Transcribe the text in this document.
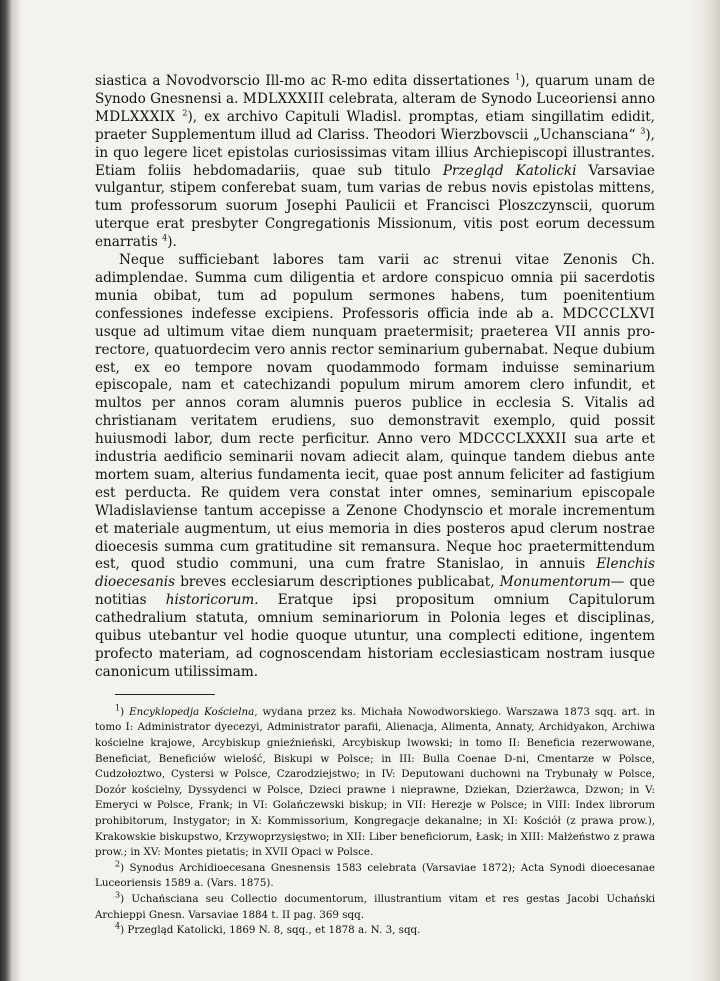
siastica a Novodvorscio Ill-mo ac R-mo edita dissertationes $^1$), quarum unam de Synodo Gnesnensi a. MDLXXXIII celebrata, alteram de Synodo Luceoriensi anno MDLXXXIX $^2$), ex archivo Capituli Wladisl. promptas, etiam singillatim edidit, praeter Supplementum illud ad Clariss. Theodori Wierzbovscii „Uchansciana“ $^3$), in quo legere licet epistolas curiosissimas vitam illius Archiepiscopi illustrantes. Etiam foliis hebdomadariis, quae sub titulo Przegląd Katolicki Varsaviae vulgantur, stipem conferebat suam, tum varias de rebus novis epistolas mittens, tum professorum suorum Josephi Paulicii et Francisci Ploszczynscii, quorum uterque erat presbyter Congregationis Missionum, vitis post eorum decessum enarratis $^4$).

Neque sufficiebant labores tam varii ac strenui vitae Zenonis Ch. adimplendae. Summa cum diligentia et ardore conspicuo omnia pii sacerdotis munia obibat, tum ad populum sermones habens, tum poenitentium confessiones indefesse excipiens. Professoris officia inde ab a. MDCCCLXVI usque ad ultimum vitae diem nunquam praetermisit; praeterea VII annis pro-rectore, quatuordecim vero annis rector seminarium gubernabat. Neque dubium est, ex eo tempore novam quodammodo formam induisse seminarium episcopale, nam et catechizandi populum mirum amorem clero infundit, et multos per annos coram alumnis pueros publice in ecclesia S. Vitalis ad christianam veritatem erudiens, suo demonstravit exemplo, quid possit huiusmodi labor, dum recte perficitur. Anno vero MDCCCLXXXII sua arte et industria aedificio seminarii novam adiecit alam, quinque tandem diebus ante mortem suam, alterius fundamenta iecit, quae post annum feliciter ad fastigium est perducta. Re quidem vera constat inter omnes, seminarium episcopale Wladislaviense tantum accepisse a Zenone Chodynscio et morale incrementum et materiale augmentum, ut eius memoria in dies posteros apud clerum nostrae dioecesis summa cum gratitudine sit remansura. Neque hoc praetermittendum est, quod studio communi, una cum fratre Stanislao, in annuis Elenchis dioecesanis breves ecclesiarum descriptiones publicabat, Monumentorum— que notitias historicorum. Eratque ipsi propositum omnium Capitulorum cathedralium statuta, omnium seminariorum in Polonia leges et disciplinas, quibus utebantur vel hodie quoque utuntur, una complecti editione, ingentem profecto materiam, ad cognoscendam historiam ecclesiasticam nostram iusque canonicum utilissimam.

$^1$) Encyklopedja Kościelna, wydana przez ks. Michała Nowodworskiego. Warszawa 1873 sqq. art. in tomo I: Administrator dyecezyi, Administrator parafii, Alienacja, Alimenta, Annaty, Archidyakon, Archiwa kościelne krajowe, Arcybiskup gnieźnieński, Arcybiskup lwowski; in tomo II: Beneficia rezerwowane, Beneficiat, Beneficiów wielość, Biskupi w Polsce; in III: Bulla Coenae D-ni, Cmentarze w Polsce, Cudzołoztwo, Cystersi w Polsce, Czarodziejstwo; in IV: Deputowani duchowni na Trybunały w Polsce, Dozór kościelny, Dyssydenci w Polsce, Dzieci prawne i nieprawne, Dziekan, Dzierżawca, Dzwon; in V: Emeryci w Polsce, Frank; in VI: Golańczewski biskup; in VII: Herezje w Polsce; in VIII: Index librorum prohibitorum, Instygator; in X: Kommissorium, Kongregacje dekanalne; in XI: Kościół (z prawa prow.), Krakowskie biskupstwo, Krzywoprzysięstwo; in XII: Liber beneficiorum, Łask; in XIII: Małżeństwo z prawa prow.; in XV: Montes pietatis; in XVII Opaci w Polsce.

$^2$) Synodus Archidioecesana Gnesnensis 1583 celebrata (Varsaviae 1872); Acta Synodi dioecesanae Luceoriensis 1589 a. (Vars. 1875).

$^3$) Uchańsciana seu Collectio documentorum, illustrantium vitam et res gestas Jacobi Uchański Archieppi Gnesn. Varsaviae 1884 t. II pag. 369 sqq.

$^4$) Przegląd Katolicki, 1869 N. 8, sqq., et 1878 a. N. 3, sqq.
